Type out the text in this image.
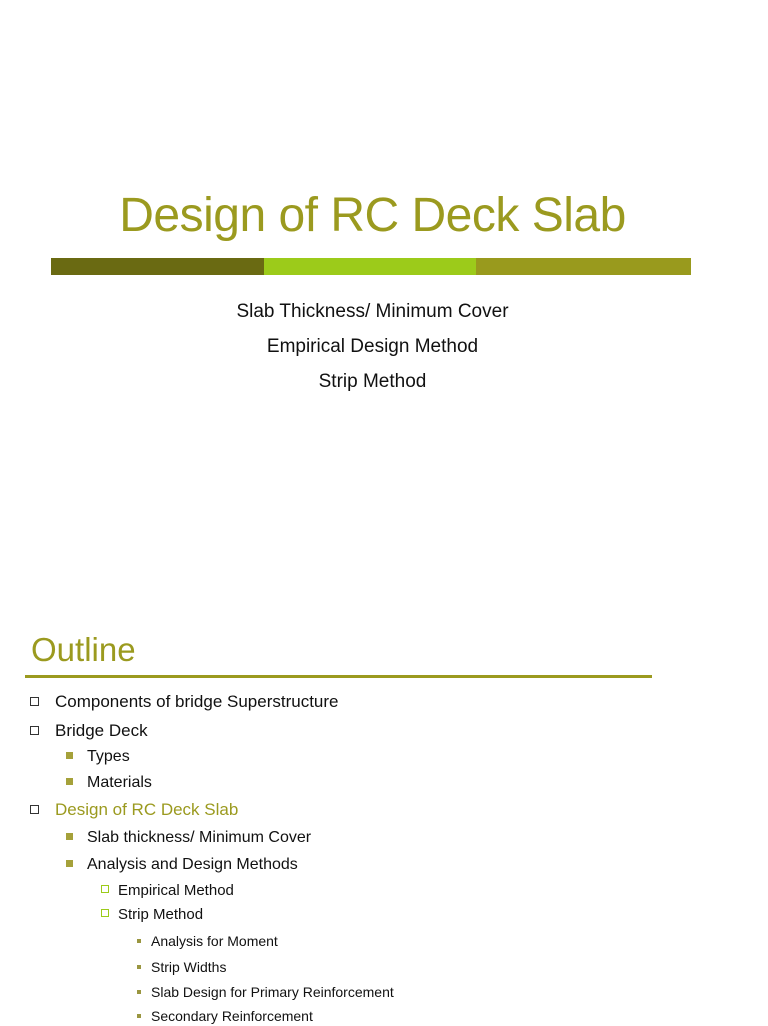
Design of RC Deck Slab
Slab Thickness/ Minimum Cover
Empirical Design Method
Strip Method
Outline
Components of bridge Superstructure
Bridge Deck
Types
Materials
Design of RC Deck Slab
Slab thickness/ Minimum Cover
Analysis and Design Methods
Empirical Method
Strip Method
Analysis for Moment
Strip Widths
Slab Design for Primary Reinforcement
Secondary Reinforcement
